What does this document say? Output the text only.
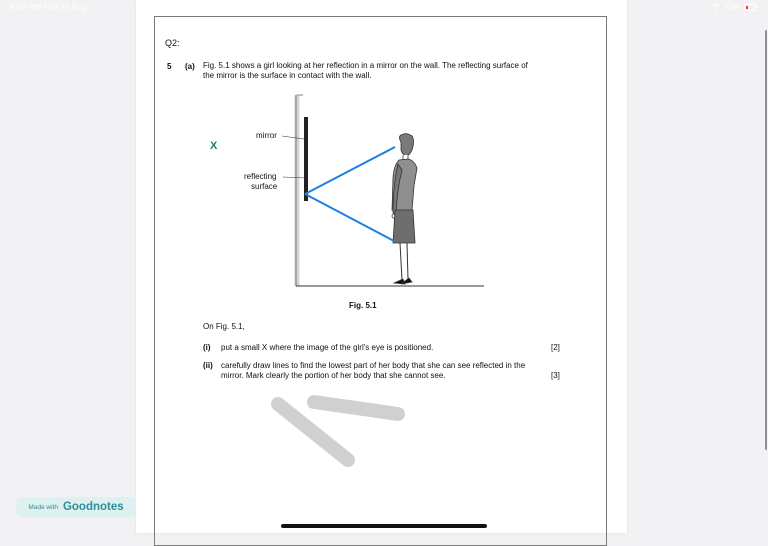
9:07 PM Thu 25 Aug	73%
Q2:
5 (a) Fig. 5.1 shows a girl looking at her reflection in a mirror on the wall. The reflecting surface of
the mirror is the surface in contact with the wall.
mirror
reflecting
surface
X
Fig. 5.1
On Fig. 5.1,
(i) put a small X where the image of the girl's eye is positioned.	[2]
(ii) carefully draw lines to find the lowest part of her body that she can see reflected in the
mirror. Mark clearly the portion of her body that she cannot see.	[3]
Made with Goodnotes
